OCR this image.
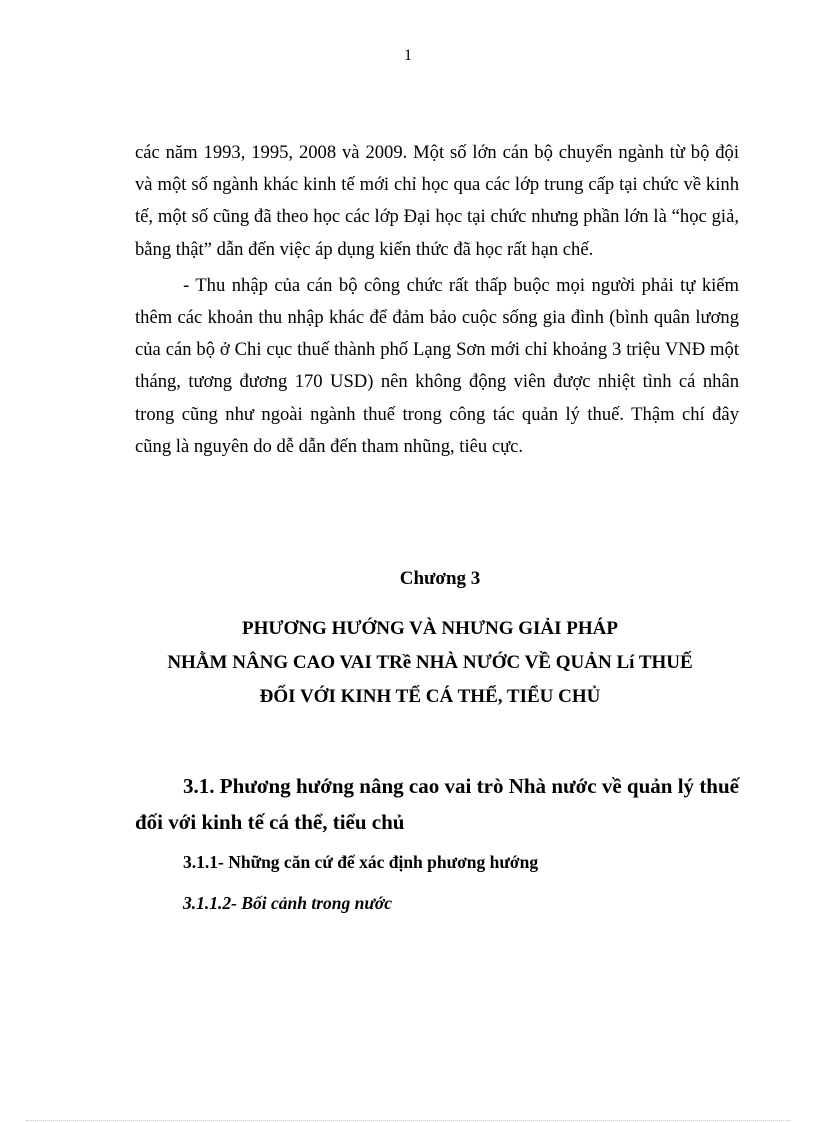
1

các năm 1993, 1995, 2008 và 2009. Một số lớn cán bộ chuyển ngành từ bộ đội và một số ngành khác kinh tế mới chỉ học qua các lớp trung cấp tại chức về kinh tế, một số cũng đã theo học các lớp Đại học tại chức nhưng phần lớn là “học giả, bằng thật” dẫn đến việc áp dụng kiến thức đã học rất hạn chế.

- Thu nhập của cán bộ công chức rất thấp buộc mọi người phải tự kiếm thêm các khoản thu nhập khác để đảm bảo cuộc sống gia đình (bình quân lương của cán bộ ở Chi cục thuế thành phố Lạng Sơn mới chỉ khoảng 3 triệu VNĐ một tháng, tương đương 170 USD) nên không động viên được nhiệt tình cá nhân trong cũng như ngoài ngành thuế trong công tác quản lý thuế. Thậm chí đây cũng là nguyên do dễ dẫn đến tham nhũng, tiêu cực.

Chương 3
PHƯƠNG HƯỚNG VÀ NHƯNG GIẢI PHÁP
NHẰM NÂNG CAO VAI TRề NHÀ NƯỚC VỀ QUẢN Lí THUẾ
ĐỐI VỚI KINH TẾ CÁ THỂ, TIỂU CHỦ
3.1. Phương hướng nâng cao vai trò Nhà nước về quản lý thuế đối với kinh tế cá thể, tiểu chủ
3.1.1- Những căn cứ để xác định phương hướng
3.1.1.2- Bối cảnh trong nước
